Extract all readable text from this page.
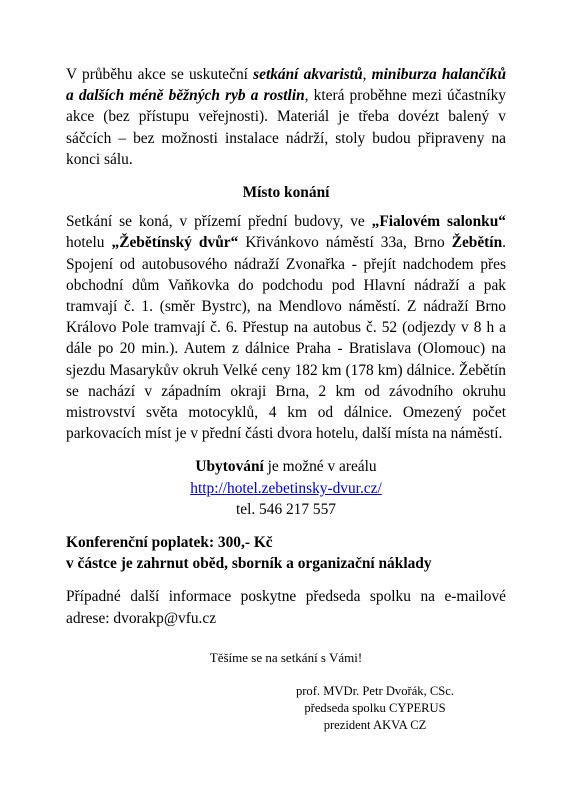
V průběhu akce se uskuteční setkání akvaristů, miniburza halančíků a dalších méně běžných ryb a rostlin, která proběhne mezi účastníky akce (bez přístupu veřejnosti). Materiál je třeba dovézt balený v sáčcích – bez možnosti instalace nádrží, stoly budou připraveny na konci sálu.

Místo konání

Setkání se koná, v přízemí přední budovy, ve „Fialovém salonku“ hotelu „Žebětínský dvůr“ Křivánkovo náměstí 33a, Brno Žebětín. Spojení od autobusového nádraží Zvonařka - přejít nadchodem přes obchodní dům Vaňkovka do podchodu pod Hlavní nádraží a pak tramvají č. 1. (směr Bystrc), na Mendlovo náměstí. Z nádraží Brno Královo Pole tramvají č. 6. Přestup na autobus č. 52 (odjezdy v 8 h a dále po 20 min.). Autem z dálnice Praha - Bratislava (Olomouc) na sjezdu Masarykův okruh Velké ceny 182 km (178 km) dálnice. Žebětín se nachází v západním okraji Brna, 2 km od závodního okruhu mistrovství světa motocyklů, 4 km od dálnice. Omezený počet parkovacích míst je v přední části dvora hotelu, další místa na náměstí.

Ubytování je možné v areálu

http://hotel.zebetinsky-dvur.cz/

tel. 546 217 557

Konferenční poplatek: 300,- Kč

v částce je zahrnut oběd, sborník a organizační náklady

Případné další informace poskytne předseda spolku na e-mailové adrese: dvorakp@vfu.cz

Těšíme se na setkání s Vámi!

prof. MVDr. Petr Dvořák, CSc.
předseda spolku CYPERUS
prezident AKVA CZ
